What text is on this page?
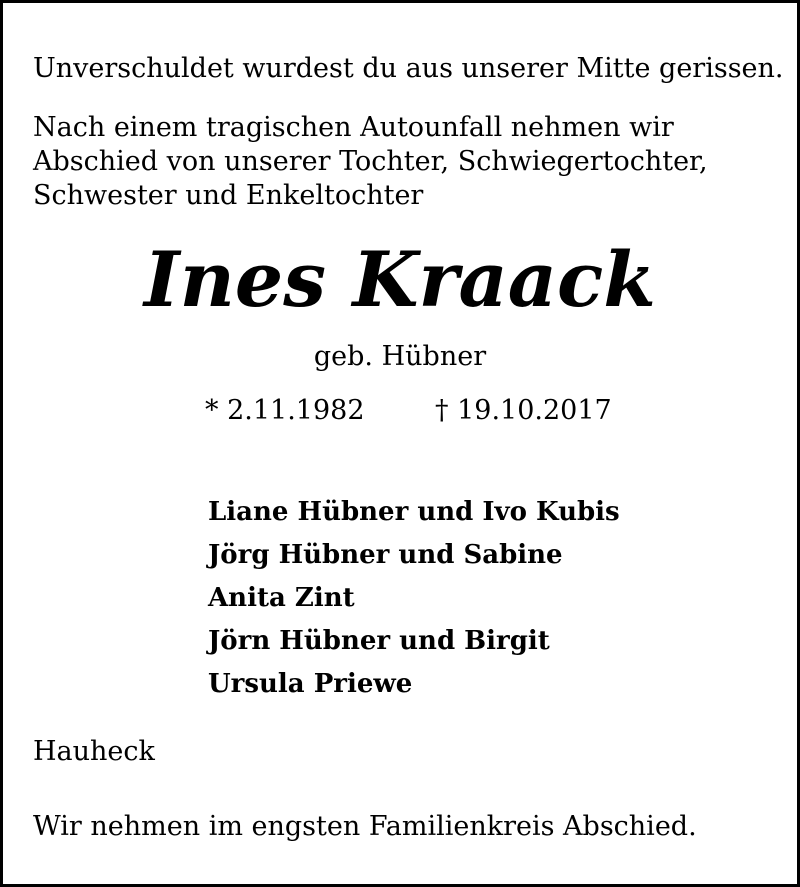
Unverschuldet wurdest du aus unserer Mitte gerissen.

Nach einem tragischen Autounfall nehmen wir Abschied von unserer Tochter, Schwiegertochter, Schwester und Enkeltochter

Ines Kraack

geb. Hübner

* 2.11.1982	† 19.10.2017

Liane Hübner und Ivo Kubis
Jörg Hübner und Sabine
Anita Zint
Jörn Hübner und Birgit
Ursula Priewe

Hauheck

Wir nehmen im engsten Familienkreis Abschied.
